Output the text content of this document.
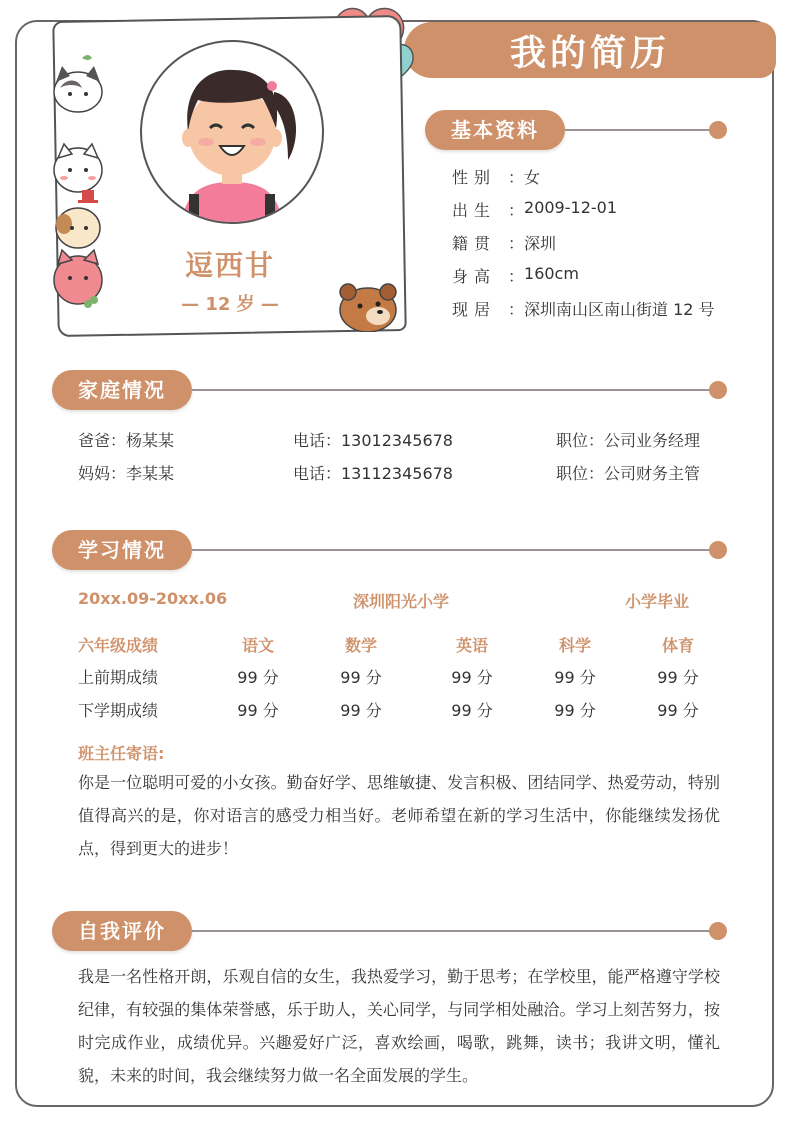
我的简历
逗西甘
— 12 岁 —
基本资料
性别 ： 女
出生 ： 2009-12-01
籍贯 ： 深圳
身高 ： 160cm
现居 ： 深圳南山区南山街道 12 号
家庭情况
爸爸：杨某某	电话：13012345678	职位：公司业务经理
妈妈：李某某	电话：13112345678	职位：公司财务主管
学习情况
20xx.09-20xx.06	深圳阳光小学	小学毕业
六年级成绩	语文	数学	英语	科学	体育
上前期成绩	99 分	99 分	99 分	99 分	99 分
下学期成绩	99 分	99 分	99 分	99 分	99 分
班主任寄语:
你是一位聪明可爱的小女孩。勤奋好学、思维敏捷、发言积极、团结同学、热爱劳动，特别值得高兴的是，你对语言的感受力相当好。老师希望在新的学习生活中，你能继续发扬优点，得到更大的进步！
自我评价
我是一名性格开朗，乐观自信的女生，我热爱学习，勤于思考；在学校里，能严格遵守学校纪律，有较强的集体荣誉感，乐于助人，关心同学，与同学相处融洽。学习上刻苦努力，按时完成作业，成绩优异。兴趣爱好广泛，喜欢绘画，喝歌，跳舞，读书；我讲文明，懂礼貌，未来的时间，我会继续努力做一名全面发展的学生。
